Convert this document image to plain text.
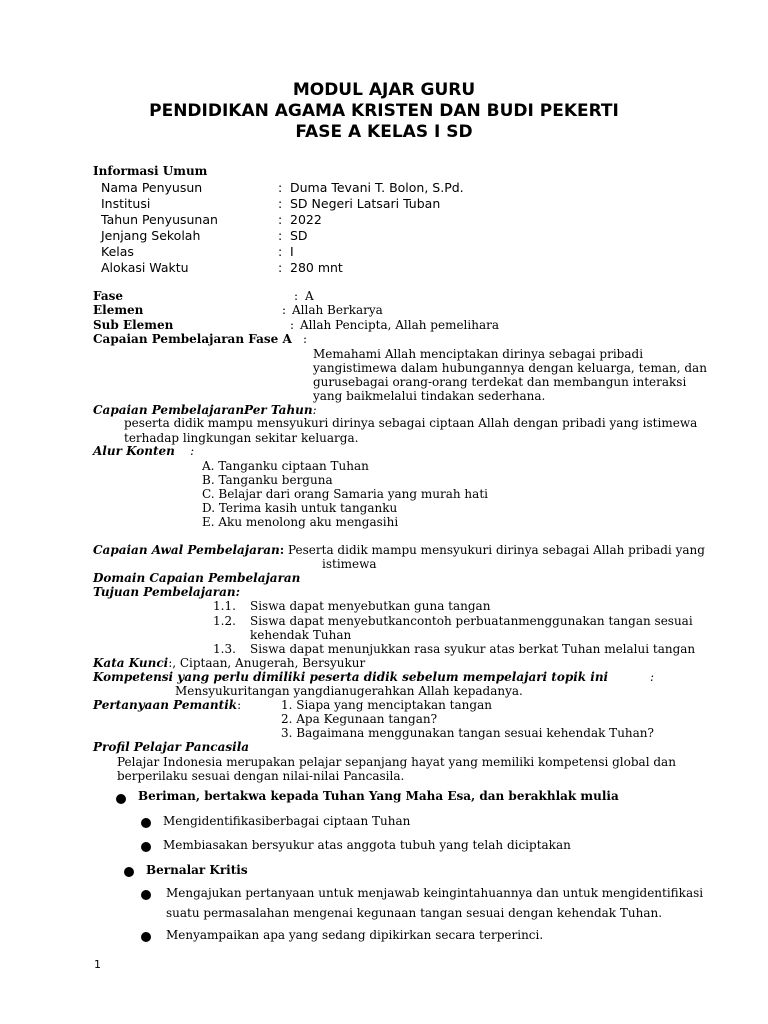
MODUL AJAR GURU
PENDIDIKAN AGAMA KRISTEN DAN BUDI PEKERTI
FASE A KELAS I SD
Informasi Umum
Nama Penyusun	: Duma Tevani T. Bolon, S.Pd.
Institusi	: SD Negeri Latsari Tuban
Tahun Penyusunan	: 2022
Jenjang Sekolah	: SD
Kelas	: I
Alokasi Waktu	: 280 mnt
Fase	: A
Elemen	: Allah Berkarya
Sub Elemen	: Allah Pencipta, Allah pemelihara
Capaian Pembelajaran Fase A :
Memahami Allah menciptakan dirinya sebagai pribadi
yangistimewa dalam hubungannya dengan keluarga, teman, dan
gurusebagai orang-orang terdekat dan membangun interaksi
yang baikmelalui tindakan sederhana.
Capaian PembelajaranPer Tahun:
peserta didik mampu mensyukuri dirinya sebagai ciptaan Allah dengan pribadi yang istimewa
terhadap lingkungan sekitar keluarga.
Alur Konten    :
A. Tanganku ciptaan Tuhan
B. Tanganku berguna
C. Belajar dari orang Samaria yang murah hati
D. Terima kasih untuk tanganku
E. Aku menolong aku mengasihi
Capaian Awal Pembelajaran: Peserta didik mampu mensyukuri dirinya sebagai Allah pribadi yang
istimewa
Domain Capaian Pembelajaran
Tujuan Pembelajaran:
1.1. Siswa dapat menyebutkan guna tangan
1.2. Siswa dapat menyebutkancontoh perbuatanmenggunakan tangan sesuai
kehendak Tuhan
1.3. Siswa dapat menunjukkan rasa syukur atas berkat Tuhan melalui tangan
Kata Kunci:, Ciptaan, Anugerah, Bersyukur
Kompetensi yang perlu dimiliki peserta didik sebelum mempelajari topik ini	:
Mensyukuritangan yangdianugerahkan Allah kepadanya.
Pertanyaan Pemantik:	1. Siapa yang menciptakan tangan
2. Apa Kegunaan tangan?
3. Bagaimana menggunakan tangan sesuai kehendak Tuhan?
Profil Pelajar Pancasila
Pelajar Indonesia merupakan pelajar sepanjang hayat yang memiliki kompetensi global dan
berperilaku sesuai dengan nilai-nilai Pancasila.
Beriman, bertakwa kepada Tuhan Yang Maha Esa, dan berakhlak mulia
Mengidentifikasiberbagai ciptaan Tuhan
Membiasakan bersyukur atas anggota tubuh yang telah diciptakan
Bernalar Kritis
Mengajukan pertanyaan untuk menjawab keingintahuannya dan untuk mengidentifikasi
suatu permasalahan mengenai kegunaan tangan sesuai dengan kehendak Tuhan.
Menyampaikan apa yang sedang dipikirkan secara terperinci.
1
